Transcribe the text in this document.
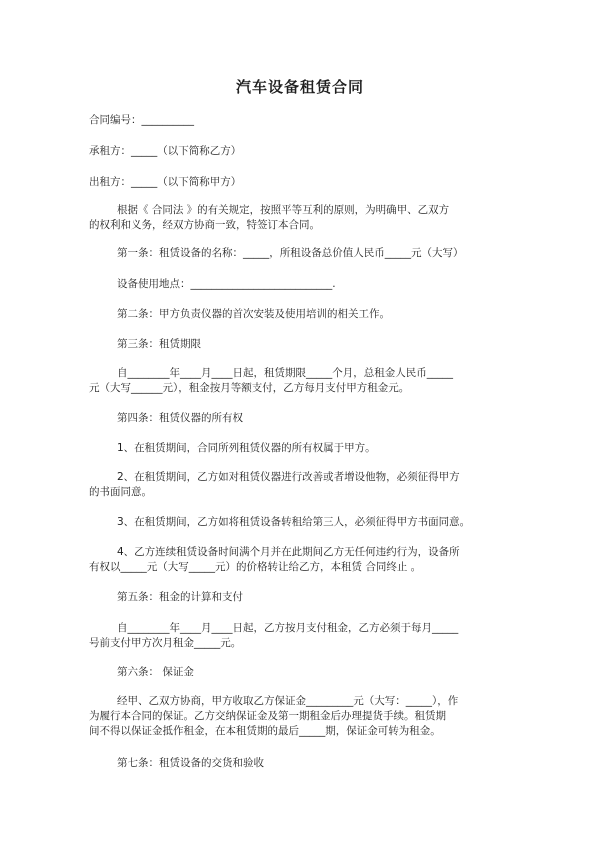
汽车设备租赁合同

合同编号：__________

承租方：_____（以下简称乙方）

出租方：_____（以下简称甲方）

根据《 合同法 》的有关规定，按照平等互利的原则，为明确甲、乙双方

的权利和义务，经双方协商一致，特签订本合同。

第一条：租赁设备的名称：_____，所租设备总价值人民币_____元（大写）

设备使用地点：___________________________.

第二条：甲方负责仪器的首次安装及使用培训的相关工作。

第三条：租赁期限

自________年____月____日起，租赁期限_____个月，总租金人民币_____

元（大写______元），租金按月等额支付，乙方每月支付甲方租金元。

第四条：租赁仪器的所有权

1、在租赁期间，合同所列租赁仪器的所有权属于甲方。

2、在租赁期间，乙方如对租赁仪器进行改善或者增设他物，必须征得甲方

的书面同意。

3、在租赁期间，乙方如将租赁设备转租给第三人，必须征得甲方书面同意。

4、乙方连续租赁设备时间满个月并在此期间乙方无任何违约行为，设备所

有权以_____元（大写_____元）的价格转让给乙方，本租赁 合同终止 。

第五条：租金的计算和支付

自________年____月____日起，乙方按月支付租金，乙方必须于每月_____

号前支付甲方次月租金_____元。

第六条： 保证金

经甲、乙双方协商，甲方收取乙方保证金_________元（大写：_____），作

为履行本合同的保证。乙方交纳保证金及第一期租金后办理提货手续。租赁期

间不得以保证金抵作租金，在本租赁期的最后_____期，保证金可转为租金。

第七条：租赁设备的交货和验收
